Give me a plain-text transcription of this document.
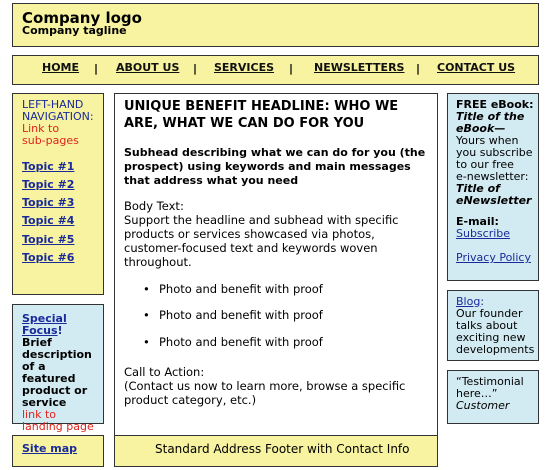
Company logo
Company tagline
HOME | ABOUT US | SERVICES | NEWSLETTERS | CONTACT US
LEFT-HAND
NAVIGATION:
Link to
sub-pages
Topic #1
Topic #2
Topic #3
Topic #4
Topic #5
Topic #6
Special
Focus!
Brief
description
of a featured
product or
service
link to
landing page
Site map
UNIQUE BENEFIT HEADLINE: WHO WE ARE, WHAT WE CAN DO FOR YOU
Subhead describing what we can do for you (the prospect) using keywords and main messages that address what you need
Body Text:
Support the headline and subhead with specific products or services showcased via photos, customer-focused text and keywords woven throughout.
• Photo and benefit with proof
• Photo and benefit with proof
• Photo and benefit with proof
Call to Action:
(Contact us now to learn more, browse a specific product category, etc.)
Standard Address Footer with Contact Info
FREE eBook:
Title of the
eBook—
Yours when
you subscribe
to our free
e-newsletter:
Title of
eNewsletter
E-mail:
Subscribe
Privacy Policy
Blog:
Our founder
talks about
exciting new
developments
“Testimonial
here…”
Customer
